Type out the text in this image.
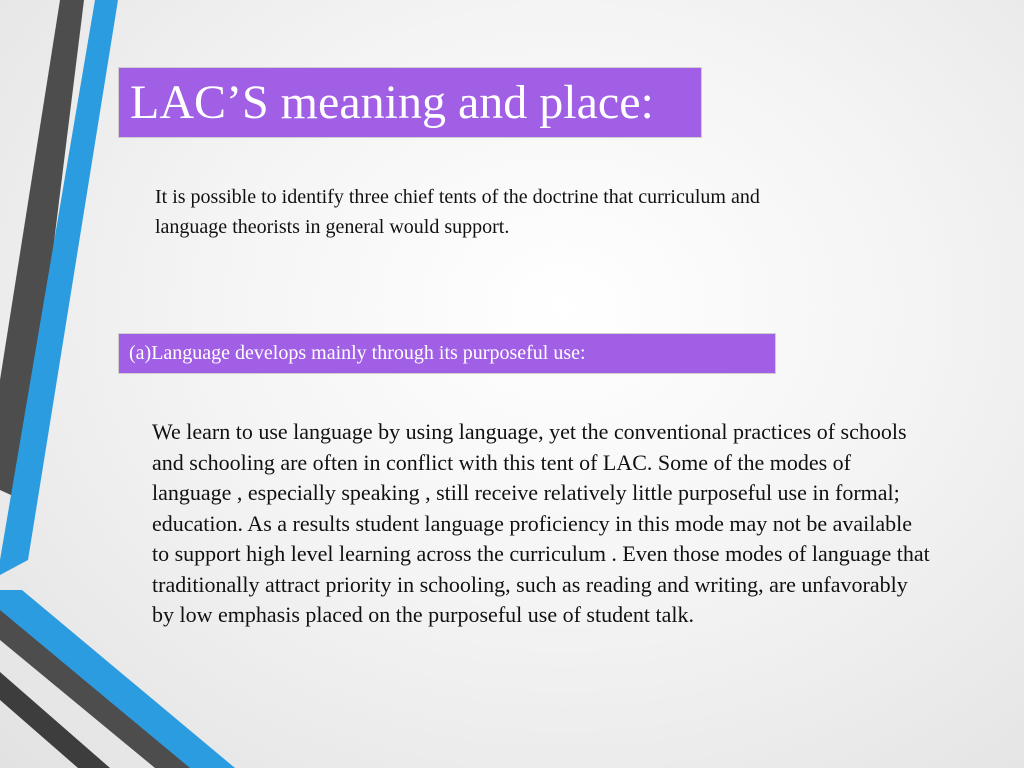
LAC’S meaning and place:

It is possible to identify three chief tents of the doctrine that curriculum and language theorists in general would support.

(a)Language develops mainly through its purposeful use:

We learn to use language by using language, yet the conventional practices of schools and schooling are often in conflict with this tent of LAC. Some of the modes of language , especially speaking , still receive relatively little purposeful use in formal; education. As a results student language proficiency in this mode may not be available to support high level learning across the curriculum . Even those modes of language that traditionally attract priority in schooling, such as reading and writing, are unfavorably by low emphasis placed on the purposeful use of student talk.
